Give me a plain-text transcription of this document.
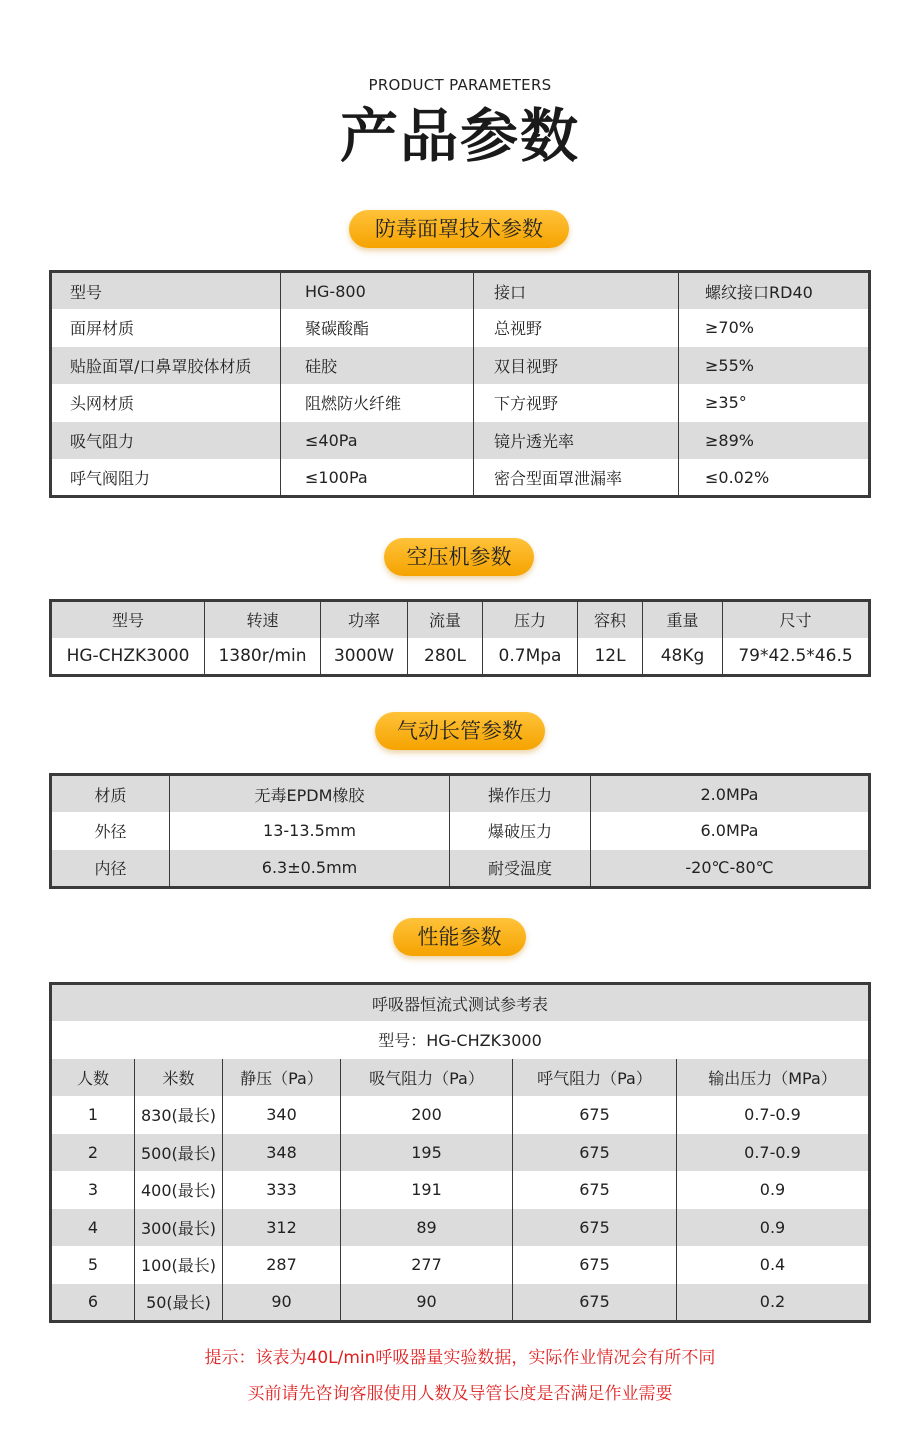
PRODUCT PARAMETERS
产品参数
防毒面罩技术参数
型号	HG-800	接口	螺纹接口RD40
面屏材质	聚碳酸酯	总视野	≥70%
贴脸面罩/口鼻罩胶体材质	硅胶	双目视野	≥55%
头网材质	阻燃防火纤维	下方视野	≥35°
吸气阻力	≤40Pa	镜片透光率	≥89%
呼气阀阻力	≤100Pa	密合型面罩泄漏率	≤0.02%
空压机参数
型号	转速	功率	流量	压力	容积	重量	尺寸
HG-CHZK3000	1380r/min	3000W	280L	0.7Mpa	12L	48Kg	79*42.5*46.5
气动长管参数
材质	无毒EPDM橡胶	操作压力	2.0MPa
外径	13-13.5mm	爆破压力	6.0MPa
内径	6.3±0.5mm	耐受温度	-20℃-80℃
性能参数
呼吸器恒流式测试参考表					
型号：HG-CHZK3000					
人数	米数	静压（Pa）	吸气阻力（Pa）	呼气阻力（Pa）	输出压力（MPa）
1	830(最长)	340	200	675	0.7-0.9
2	500(最长)	348	195	675	0.7-0.9
3	400(最长)	333	191	675	0.9
4	300(最长)	312	89	675	0.9
5	100(最长)	287	277	675	0.4
6	50(最长)	90	90	675	0.2
提示：该表为40L/min呼吸器量实验数据，实际作业情况会有所不同
买前请先咨询客服使用人数及导管长度是否满足作业需要
